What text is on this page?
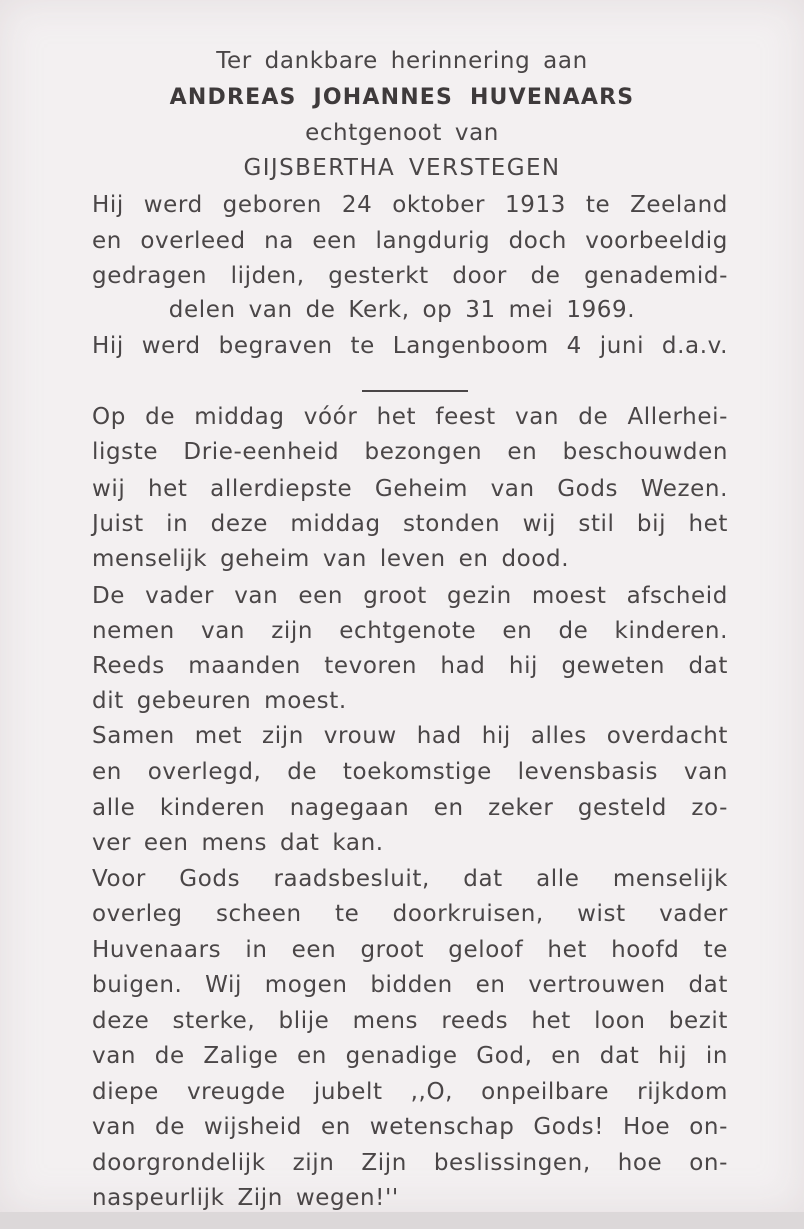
Ter dankbare herinnering aan

ANDREAS JOHANNES HUVENAARS

echtgenoot van

GIJSBERTHA VERSTEGEN

Hij werd geboren 24 oktober 1913 te Zeeland

en overleed na een langdurig doch voorbeeldig

gedragen lijden, gesterkt door de genademid-

delen van de Kerk, op 31 mei 1969.

Hij werd begraven te Langenboom 4 juni d.a.v.

Op de middag vóór het feest van de Allerhei-

ligste Drie-eenheid bezongen en beschouwden

wij het allerdiepste Geheim van Gods Wezen.

Juist in deze middag stonden wij stil bij het

menselijk geheim van leven en dood.

De vader van een groot gezin moest afscheid

nemen van zijn echtgenote en de kinderen.

Reeds maanden tevoren had hij geweten dat

dit gebeuren moest.

Samen met zijn vrouw had hij alles overdacht

en overlegd, de toekomstige levensbasis van

alle kinderen nagegaan en zeker gesteld zo-

ver een mens dat kan.

Voor Gods raadsbesluit, dat alle menselijk

overleg scheen te doorkruisen, wist vader

Huvenaars in een groot geloof het hoofd te

buigen. Wij mogen bidden en vertrouwen dat

deze sterke, blije mens reeds het loon bezit

van de Zalige en genadige God, en dat hij in

diepe vreugde jubelt ,,O, onpeilbare rijkdom

van de wijsheid en wetenschap Gods! Hoe on-

doorgrondelijk zijn Zijn beslissingen, hoe on-

naspeurlijk Zijn wegen!''
